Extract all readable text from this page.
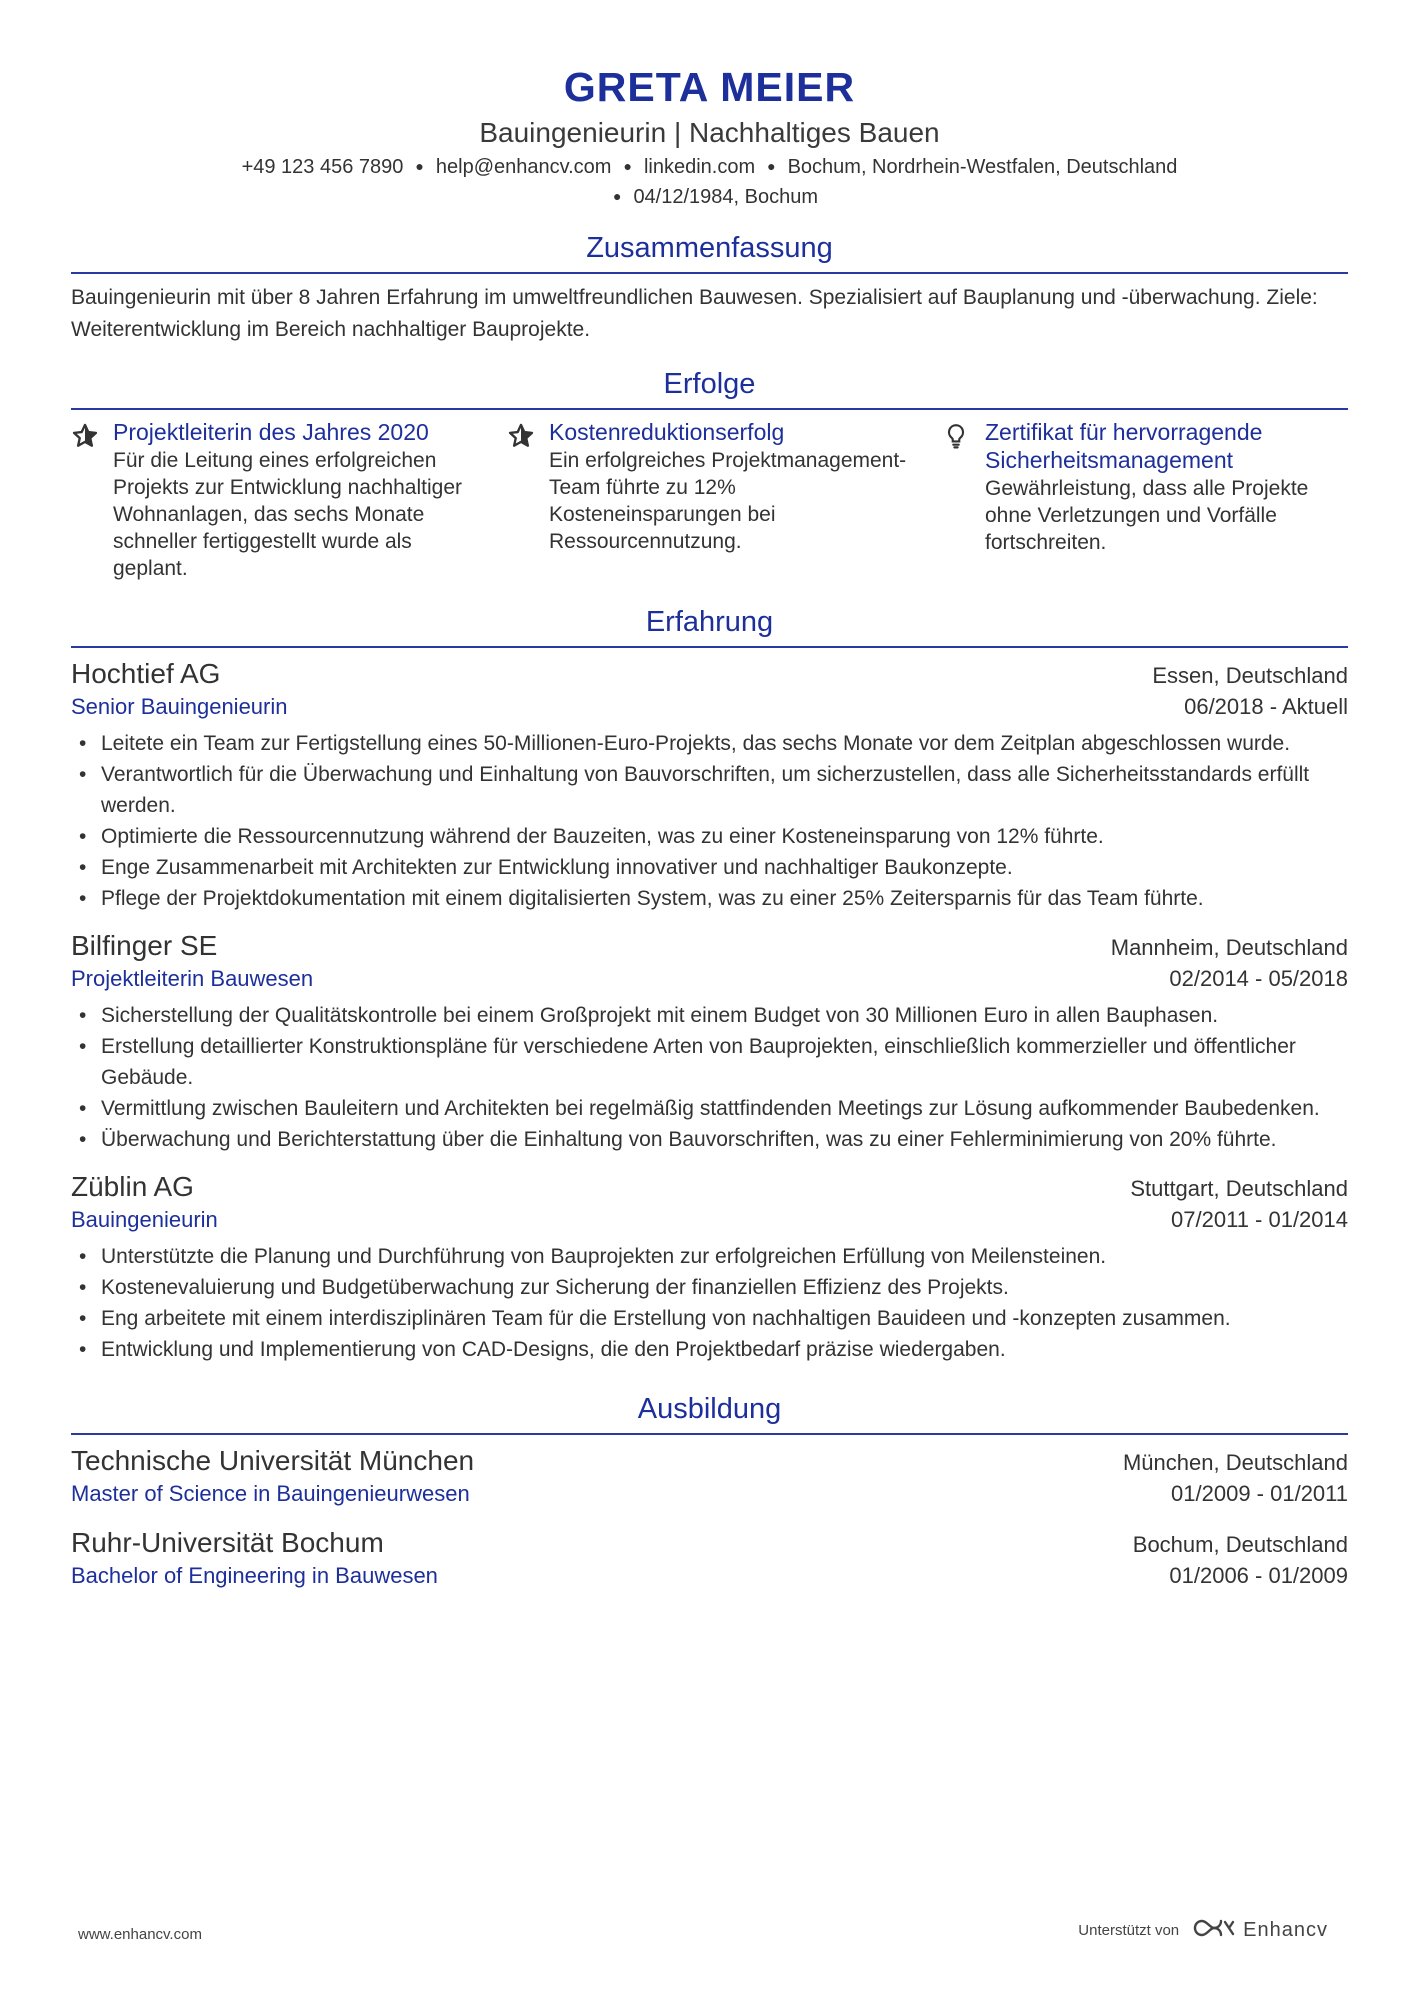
GRETA MEIER
Bauingenieurin | Nachhaltiges Bauen
+49 123 456 7890 ● help@enhancv.com ● linkedin.com ● Bochum, Nordrhein-Westfalen, Deutschland
● 04/12/1984, Bochum
Zusammenfassung
Bauingenieurin mit über 8 Jahren Erfahrung im umweltfreundlichen Bauwesen. Spezialisiert auf Bauplanung und -überwachung. Ziele: Weiterentwicklung im Bereich nachhaltiger Bauprojekte.
Erfolge
Projektleiterin des Jahres 2020
Für die Leitung eines erfolgreichen Projekts zur Entwicklung nachhaltiger Wohnanlagen, das sechs Monate schneller fertiggestellt wurde als geplant.
Kostenreduktionserfolg
Ein erfolgreiches Projektmanagement-Team führte zu 12% Kosteneinsparungen bei Ressourcennutzung.
Zertifikat für hervorragende Sicherheitsmanagement
Gewährleistung, dass alle Projekte ohne Verletzungen und Vorfälle fortschreiten.
Erfahrung
Hochtief AG	Essen, Deutschland
Senior Bauingenieurin	06/2018 - Aktuell
• Leitete ein Team zur Fertigstellung eines 50-Millionen-Euro-Projekts, das sechs Monate vor dem Zeitplan abgeschlossen wurde.
• Verantwortlich für die Überwachung und Einhaltung von Bauvorschriften, um sicherzustellen, dass alle Sicherheitsstandards erfüllt werden.
• Optimierte die Ressourcennutzung während der Bauzeiten, was zu einer Kosteneinsparung von 12% führte.
• Enge Zusammenarbeit mit Architekten zur Entwicklung innovativer und nachhaltiger Baukonzepte.
• Pflege der Projektdokumentation mit einem digitalisierten System, was zu einer 25% Zeitersparnis für das Team führte.
Bilfinger SE	Mannheim, Deutschland
Projektleiterin Bauwesen	02/2014 - 05/2018
• Sicherstellung der Qualitätskontrolle bei einem Großprojekt mit einem Budget von 30 Millionen Euro in allen Bauphasen.
• Erstellung detaillierter Konstruktionspläne für verschiedene Arten von Bauprojekten, einschließlich kommerzieller und öffentlicher Gebäude.
• Vermittlung zwischen Bauleitern und Architekten bei regelmäßig stattfindenden Meetings zur Lösung aufkommender Baubedenken.
• Überwachung und Berichterstattung über die Einhaltung von Bauvorschriften, was zu einer Fehlerminimierung von 20% führte.
Züblin AG	Stuttgart, Deutschland
Bauingenieurin	07/2011 - 01/2014
• Unterstützte die Planung und Durchführung von Bauprojekten zur erfolgreichen Erfüllung von Meilensteinen.
• Kostenevaluierung und Budgetüberwachung zur Sicherung der finanziellen Effizienz des Projekts.
• Eng arbeitete mit einem interdisziplinären Team für die Erstellung von nachhaltigen Bauideen und -konzepten zusammen.
• Entwicklung und Implementierung von CAD-Designs, die den Projektbedarf präzise wiedergaben.
Ausbildung
Technische Universität München	München, Deutschland
Master of Science in Bauingenieurwesen	01/2009 - 01/2011
Ruhr-Universität Bochum	Bochum, Deutschland
Bachelor of Engineering in Bauwesen	01/2006 - 01/2009
www.enhancv.com	Unterstützt von	Enhancv
